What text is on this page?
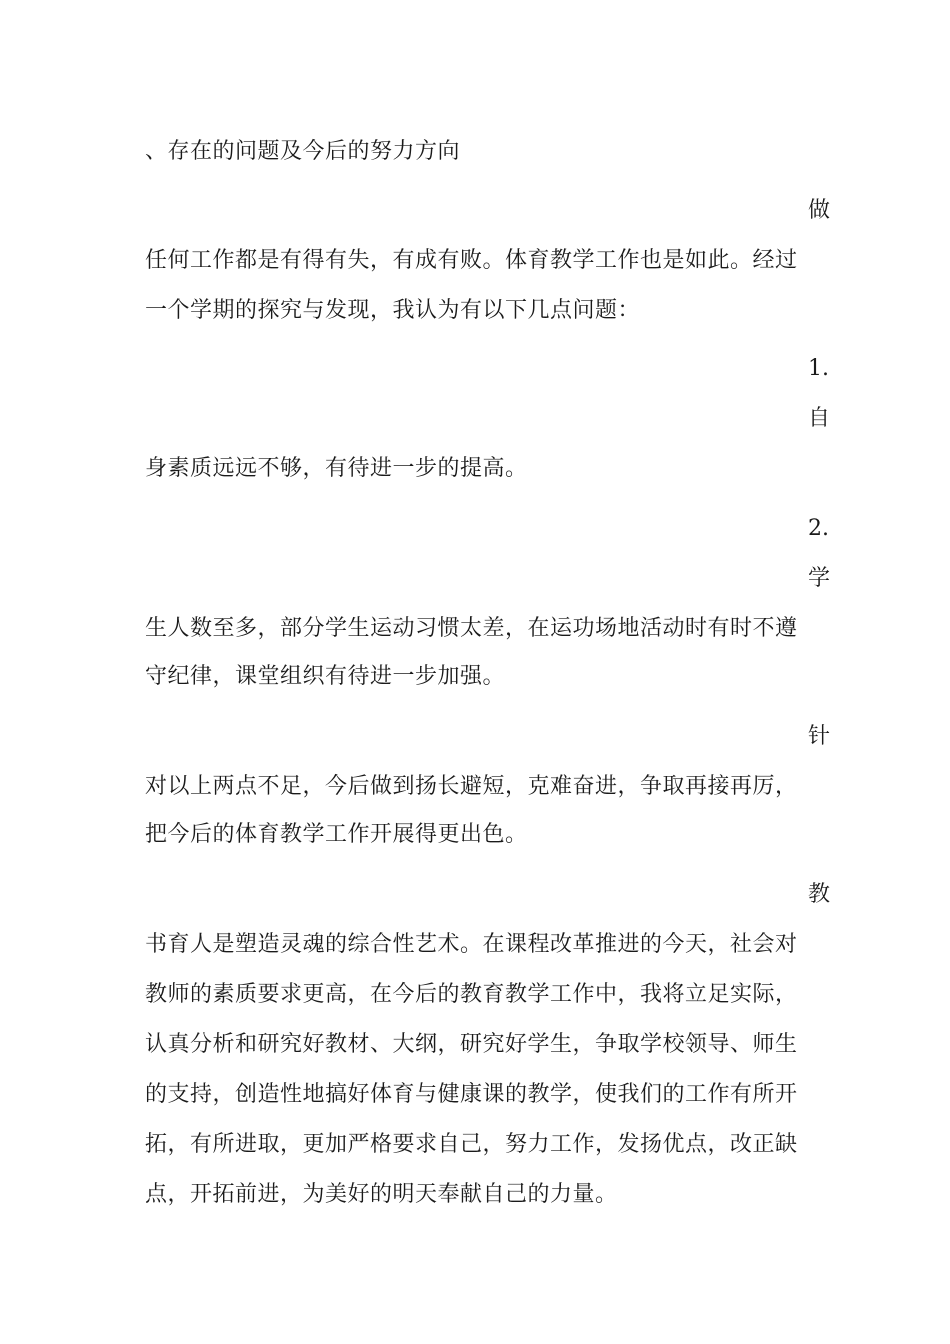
、存在的问题及今后的努力方向
做
任何工作都是有得有失，有成有败。体育教学工作也是如此。经过
一个学期的探究与发现，我认为有以下几点问题：
1.
自
身素质远远不够，有待进一步的提高。
2.
学
生人数至多，部分学生运动习惯太差，在运功场地活动时有时不遵
守纪律，课堂组织有待进一步加强。
针
对以上两点不足，今后做到扬长避短，克难奋进，争取再接再厉，
把今后的体育教学工作开展得更出色。
教
书育人是塑造灵魂的综合性艺术。在课程改革推进的今天，社会对
教师的素质要求更高，在今后的教育教学工作中，我将立足实际，
认真分析和研究好教材、大纲，研究好学生，争取学校领导、师生
的支持，创造性地搞好体育与健康课的教学，使我们的工作有所开
拓，有所进取，更加严格要求自己，努力工作，发扬优点，改正缺
点，开拓前进，为美好的明天奉献自己的力量。
